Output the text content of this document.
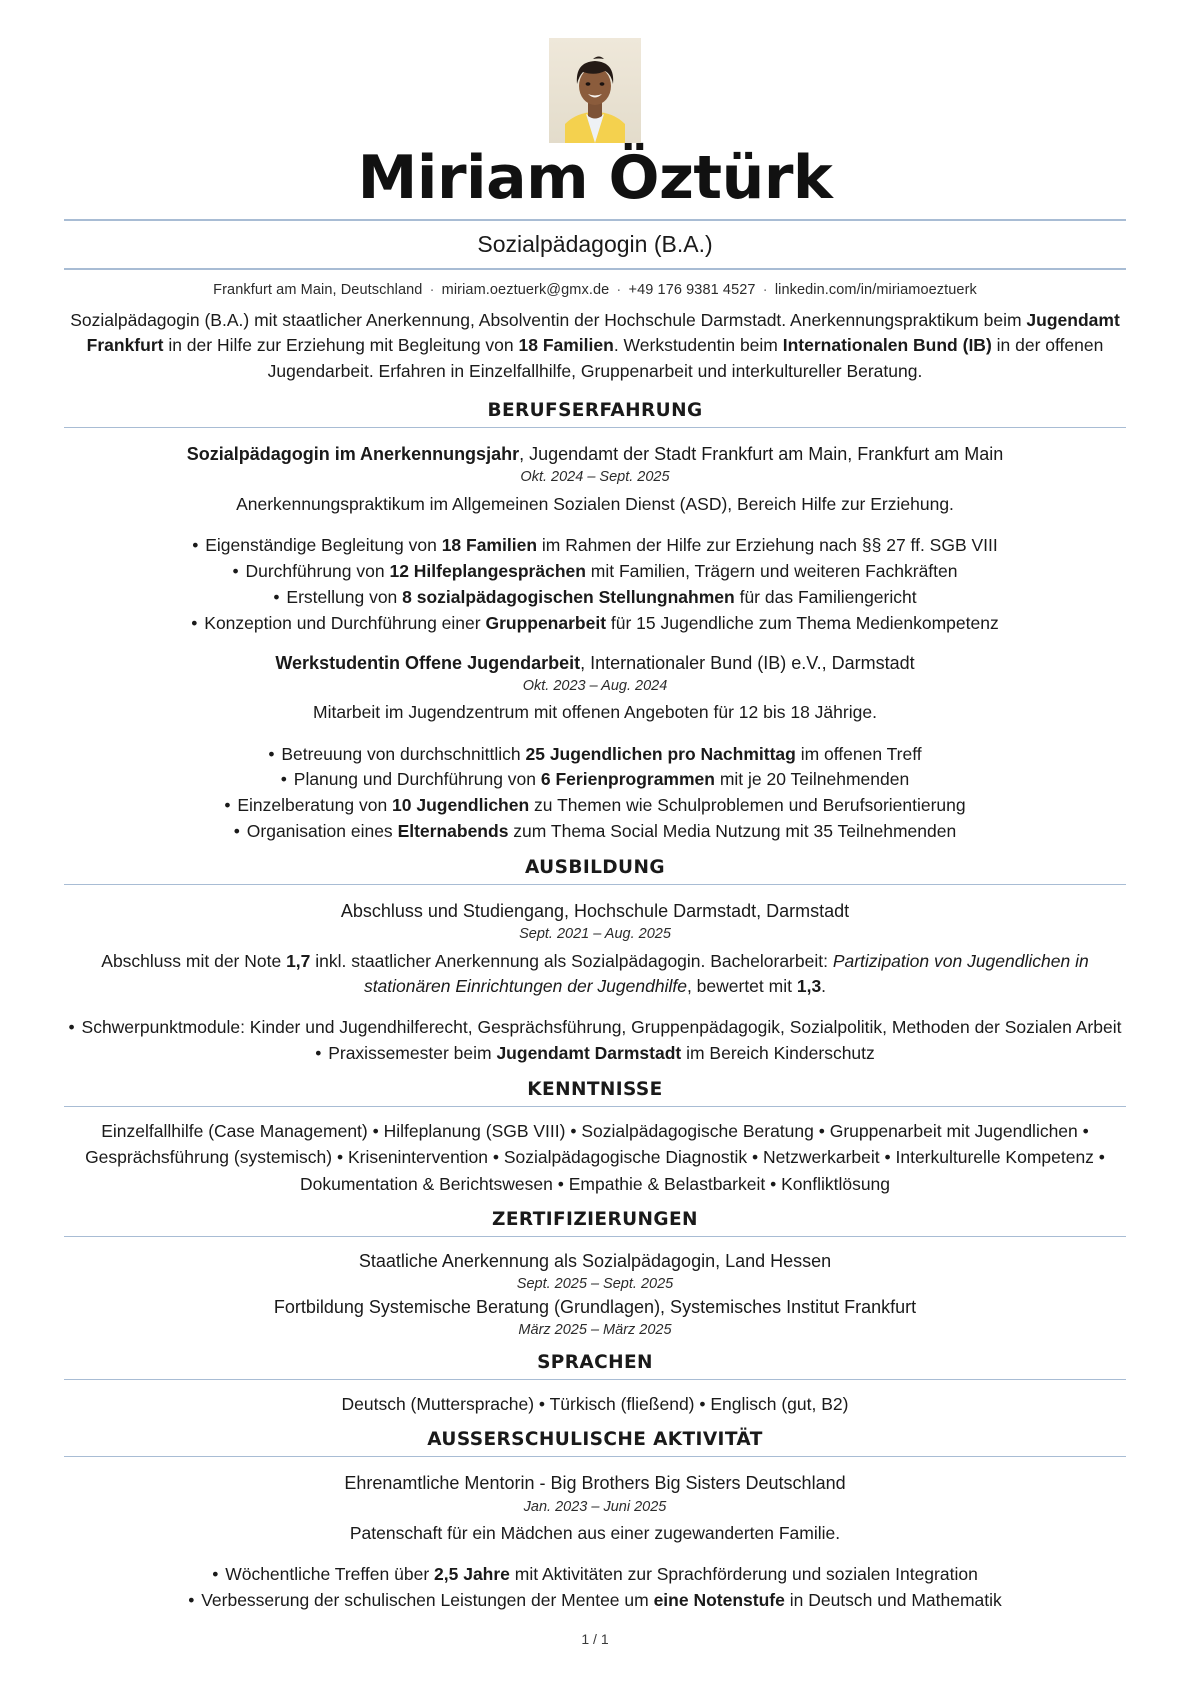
Miriam Öztürk
Sozialpädagogin (B.A.)
Frankfurt am Main, Deutschland · miriam.oeztuerk@gmx.de · +49 176 9381 4527 · linkedin.com/in/miriamoeztuerk
Sozialpädagogin (B.A.) mit staatlicher Anerkennung, Absolventin der Hochschule Darmstadt. Anerkennungspraktikum beim Jugendamt Frankfurt in der Hilfe zur Erziehung mit Begleitung von 18 Familien. Werkstudentin beim Internationalen Bund (IB) in der offenen Jugendarbeit. Erfahren in Einzelfallhilfe, Gruppenarbeit und interkultureller Beratung.
BERUFSERFAHRUNG
Sozialpädagogin im Anerkennungsjahr, Jugendamt der Stadt Frankfurt am Main, Frankfurt am Main
Okt. 2024 – Sept. 2025
Anerkennungspraktikum im Allgemeinen Sozialen Dienst (ASD), Bereich Hilfe zur Erziehung.
• Eigenständige Begleitung von 18 Familien im Rahmen der Hilfe zur Erziehung nach §§ 27 ff. SGB VIII
• Durchführung von 12 Hilfeplangesprächen mit Familien, Trägern und weiteren Fachkräften
• Erstellung von 8 sozialpädagogischen Stellungnahmen für das Familiengericht
• Konzeption und Durchführung einer Gruppenarbeit für 15 Jugendliche zum Thema Medienkompetenz
Werkstudentin Offene Jugendarbeit, Internationaler Bund (IB) e.V., Darmstadt
Okt. 2023 – Aug. 2024
Mitarbeit im Jugendzentrum mit offenen Angeboten für 12 bis 18 Jährige.
• Betreuung von durchschnittlich 25 Jugendlichen pro Nachmittag im offenen Treff
• Planung und Durchführung von 6 Ferienprogrammen mit je 20 Teilnehmenden
• Einzelberatung von 10 Jugendlichen zu Themen wie Schulproblemen und Berufsorientierung
• Organisation eines Elternabends zum Thema Social Media Nutzung mit 35 Teilnehmenden
AUSBILDUNG
Abschluss und Studiengang, Hochschule Darmstadt, Darmstadt
Sept. 2021 – Aug. 2025
Abschluss mit der Note 1,7 inkl. staatlicher Anerkennung als Sozialpädagogin. Bachelorarbeit: Partizipation von Jugendlichen in stationären Einrichtungen der Jugendhilfe, bewertet mit 1,3.
• Schwerpunktmodule: Kinder und Jugendhilferecht, Gesprächsführung, Gruppenpädagogik, Sozialpolitik, Methoden der Sozialen Arbeit
• Praxissemester beim Jugendamt Darmstadt im Bereich Kinderschutz
KENNTNISSE
Einzelfallhilfe (Case Management) • Hilfeplanung (SGB VIII) • Sozialpädagogische Beratung • Gruppenarbeit mit Jugendlichen • Gesprächsführung (systemisch) • Krisenintervention • Sozialpädagogische Diagnostik • Netzwerkarbeit • Interkulturelle Kompetenz • Dokumentation & Berichtswesen • Empathie & Belastbarkeit • Konfliktlösung
ZERTIFIZIERUNGEN
Staatliche Anerkennung als Sozialpädagogin, Land Hessen
Sept. 2025 – Sept. 2025
Fortbildung Systemische Beratung (Grundlagen), Systemisches Institut Frankfurt
März 2025 – März 2025
SPRACHEN
Deutsch (Muttersprache) • Türkisch (fließend) • Englisch (gut, B2)
AUSSERSCHULISCHE AKTIVITÄT
Ehrenamtliche Mentorin - Big Brothers Big Sisters Deutschland
Jan. 2023 – Juni 2025
Patenschaft für ein Mädchen aus einer zugewanderten Familie.
• Wöchentliche Treffen über 2,5 Jahre mit Aktivitäten zur Sprachförderung und sozialen Integration
• Verbesserung der schulischen Leistungen der Mentee um eine Notenstufe in Deutsch und Mathematik
1 / 1
